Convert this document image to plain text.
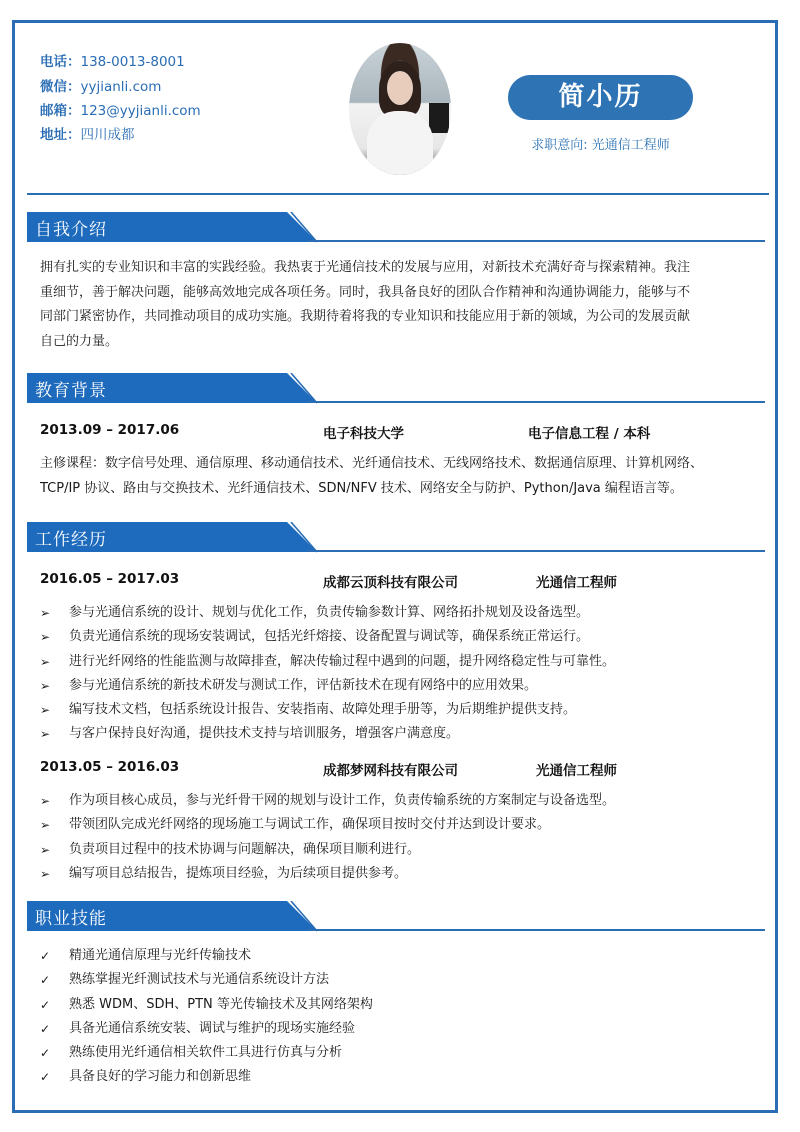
电话：138-0013-8001
微信：yyjianli.com
邮箱：123@yyjianli.com
地址：四川成都
简小历
求职意向: 光通信工程师
自我介绍
拥有扎实的专业知识和丰富的实践经验。我热衷于光通信技术的发展与应用，对新技术充满好奇与探索精神。我注
重细节，善于解决问题，能够高效地完成各项任务。同时，我具备良好的团队合作精神和沟通协调能力，能够与不
同部门紧密协作，共同推动项目的成功实施。我期待着将我的专业知识和技能应用于新的领域，为公司的发展贡献
自己的力量。
教育背景
2013.09 – 2017.06	电子科技大学	电子信息工程 / 本科
主修课程：数字信号处理、通信原理、移动通信技术、光纤通信技术、无线网络技术、数据通信原理、计算机网络、
TCP/IP 协议、路由与交换技术、光纤通信技术、SDN/NFV 技术、网络安全与防护、Python/Java 编程语言等。
工作经历
2016.05 – 2017.03	成都云顶科技有限公司	光通信工程师
➢	参与光通信系统的设计、规划与优化工作，负责传输参数计算、网络拓扑规划及设备选型。
➢	负责光通信系统的现场安装调试，包括光纤熔接、设备配置与调试等，确保系统正常运行。
➢	进行光纤网络的性能监测与故障排查，解决传输过程中遇到的问题，提升网络稳定性与可靠性。
➢	参与光通信系统的新技术研发与测试工作，评估新技术在现有网络中的应用效果。
➢	编写技术文档，包括系统设计报告、安装指南、故障处理手册等，为后期维护提供支持。
➢	与客户保持良好沟通，提供技术支持与培训服务，增强客户满意度。
2013.05 – 2016.03	成都梦网科技有限公司	光通信工程师
➢	作为项目核心成员，参与光纤骨干网的规划与设计工作，负责传输系统的方案制定与设备选型。
➢	带领团队完成光纤网络的现场施工与调试工作，确保项目按时交付并达到设计要求。
➢	负责项目过程中的技术协调与问题解决，确保项目顺利进行。
➢	编写项目总结报告，提炼项目经验，为后续项目提供参考。
职业技能
✓	精通光通信原理与光纤传输技术
✓	熟练掌握光纤测试技术与光通信系统设计方法
✓	熟悉 WDM、SDH、PTN 等光传输技术及其网络架构
✓	具备光通信系统安装、调试与维护的现场实施经验
✓	熟练使用光纤通信相关软件工具进行仿真与分析
✓	具备良好的学习能力和创新思维
